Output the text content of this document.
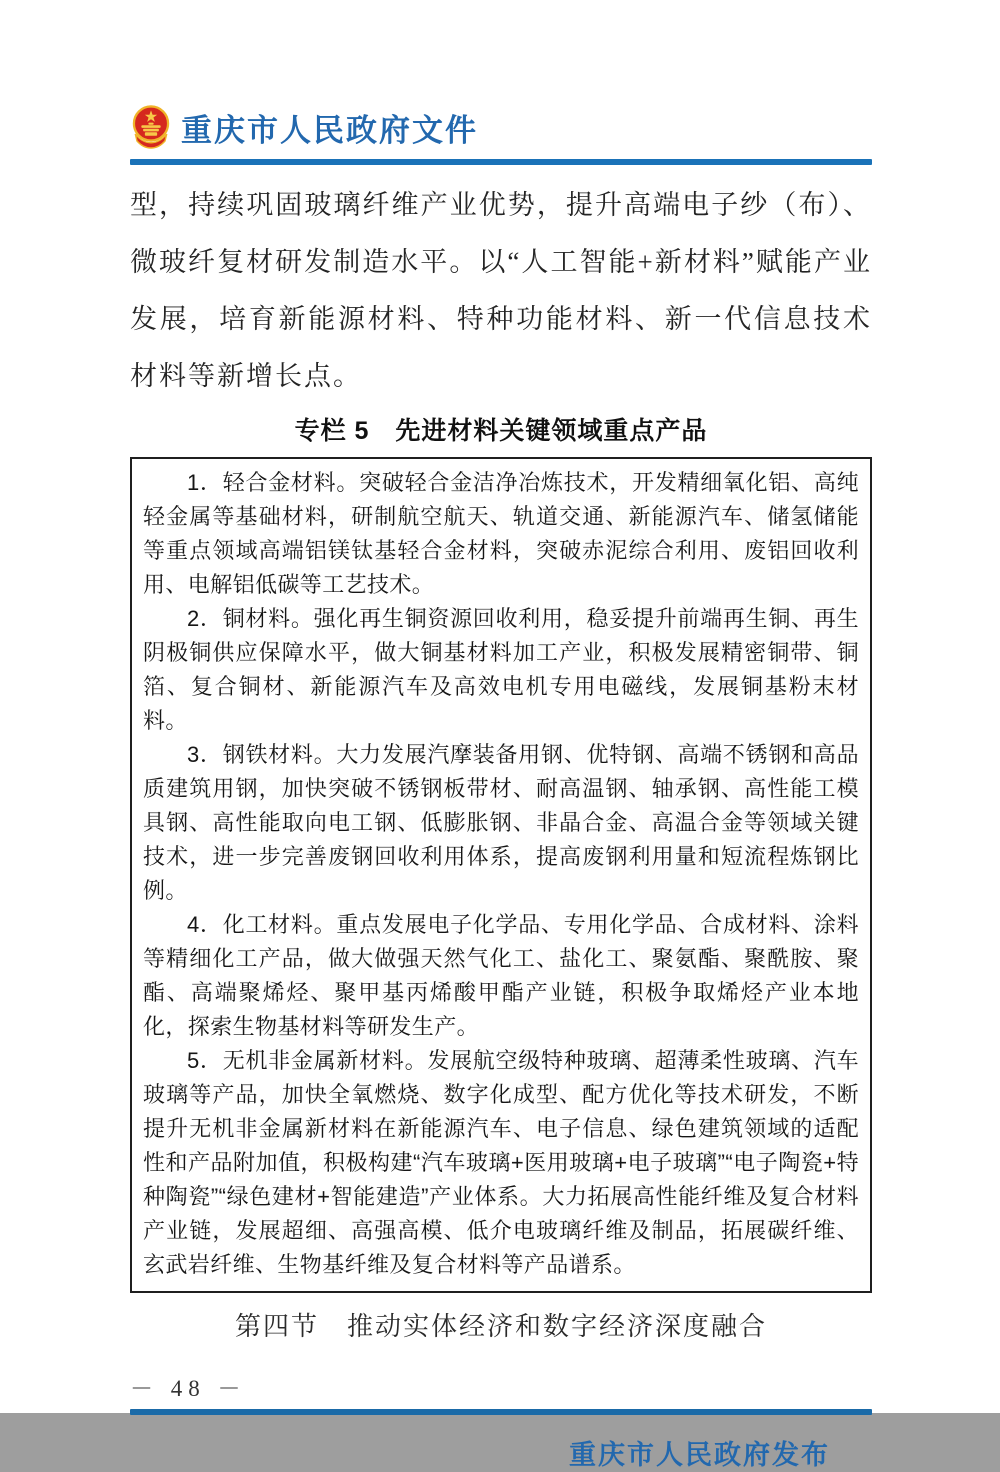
重庆市人民政府文件

型，持续巩固玻璃纤维产业优势，提升高端电子纱（布）、微玻纤复材研发制造水平。以“人工智能+新材料”赋能产业发展，培育新能源材料、特种功能材料、新一代信息技术材料等新增长点。

专栏 5　先进材料关键领域重点产品

1．轻合金材料。突破轻合金洁净冶炼技术，开发精细氧化铝、高纯轻金属等基础材料，研制航空航天、轨道交通、新能源汽车、储氢储能等重点领域高端铝镁钛基轻合金材料，突破赤泥综合利用、废铝回收利用、电解铝低碳等工艺技术。

2．铜材料。强化再生铜资源回收利用，稳妥提升前端再生铜、再生阴极铜供应保障水平，做大铜基材料加工产业，积极发展精密铜带、铜箔、复合铜材、新能源汽车及高效电机专用电磁线，发展铜基粉末材料。

3．钢铁材料。大力发展汽摩装备用钢、优特钢、高端不锈钢和高品质建筑用钢，加快突破不锈钢板带材、耐高温钢、轴承钢、高性能工模具钢、高性能取向电工钢、低膨胀钢、非晶合金、高温合金等领域关键技术，进一步完善废钢回收利用体系，提高废钢利用量和短流程炼钢比例。

4．化工材料。重点发展电子化学品、专用化学品、合成材料、涂料等精细化工产品，做大做强天然气化工、盐化工、聚氨酯、聚酰胺、聚酯、高端聚烯烃、聚甲基丙烯酸甲酯产业链，积极争取烯烃产业本地化，探索生物基材料等研发生产。

5．无机非金属新材料。发展航空级特种玻璃、超薄柔性玻璃、汽车玻璃等产品，加快全氧燃烧、数字化成型、配方优化等技术研发，不断提升无机非金属新材料在新能源汽车、电子信息、绿色建筑领域的适配性和产品附加值，积极构建“汽车玻璃+医用玻璃+电子玻璃”“电子陶瓷+特种陶瓷”“绿色建材+智能建造”产业体系。大力拓展高性能纤维及复合材料产业链，发展超细、高强高模、低介电玻璃纤维及制品，拓展碳纤维、玄武岩纤维、生物基纤维及复合材料等产品谱系。

第四节　推动实体经济和数字经济深度融合
－ 48 －
重庆市人民政府发布
